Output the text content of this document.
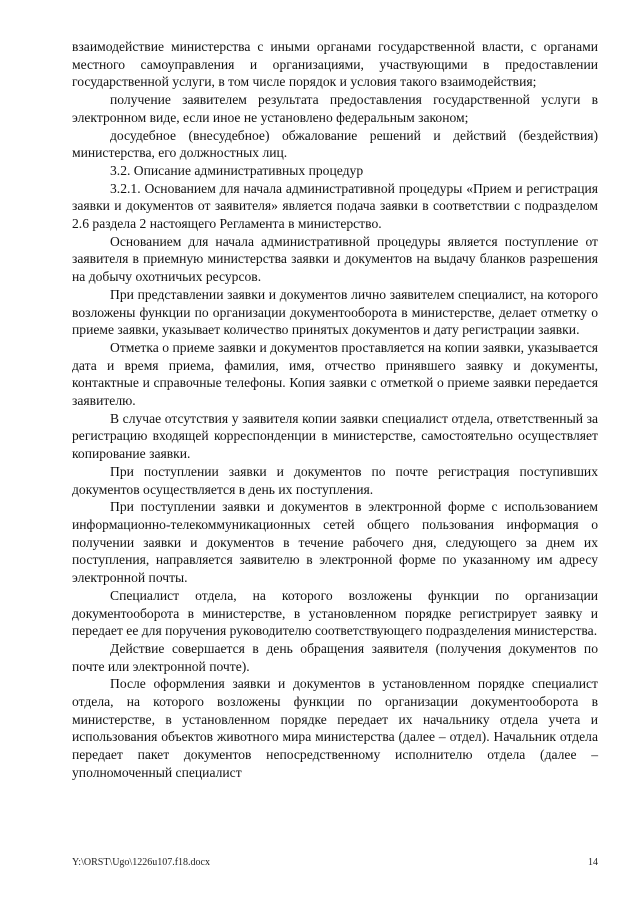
взаимодействие министерства с иными органами государственной власти, с органами местного самоуправления и организациями, участвующими в предоставлении государственной услуги, в том числе порядок и условия такого взаимодействия;

получение заявителем результата предоставления государственной услуги в электронном виде, если иное не установлено федеральным законом;

досудебное (внесудебное) обжалование решений и действий (бездействия) министерства, его должностных лиц.

3.2. Описание административных процедур

3.2.1. Основанием для начала административной процедуры «Прием и регистрация заявки и документов от заявителя» является подача заявки в соответствии с подразделом 2.6 раздела 2 настоящего Регламента в министерство.

Основанием для начала административной процедуры является поступление от заявителя в приемную министерства заявки и документов на выдачу бланков разрешения на добычу охотничьих ресурсов.

При представлении заявки и документов лично заявителем специалист, на которого возложены функции по организации документооборота в министерстве, делает отметку о приеме заявки, указывает количество принятых документов и дату регистрации заявки.

Отметка о приеме заявки и документов проставляется на копии заявки, указывается дата и время приема, фамилия, имя, отчество принявшего заявку и документы, контактные и справочные телефоны. Копия заявки с отметкой о приеме заявки передается заявителю.

В случае отсутствия у заявителя копии заявки специалист отдела, ответственный за регистрацию входящей корреспонденции в министерстве, самостоятельно осуществляет копирование заявки.

При поступлении заявки и документов по почте регистрация поступивших документов осуществляется в день их поступления.

При поступлении заявки и документов в электронной форме с использованием информационно-телекоммуникационных сетей общего пользования информация о получении заявки и документов в течение рабочего дня, следующего за днем их поступления, направляется заявителю в электронной форме по указанному им адресу электронной почты.

Специалист отдела, на которого возложены функции по организации документооборота в министерстве, в установленном порядке регистрирует заявку и передает ее для поручения руководителю соответствующего подразделения министерства.

Действие совершается в день обращения заявителя (получения документов по почте или электронной почте).

После оформления заявки и документов в установленном порядке специалист отдела, на которого возложены функции по организации документооборота в министерстве, в установленном порядке передает их начальнику отдела учета и использования объектов животного мира министерства (далее – отдел). Начальник отдела передает пакет документов непосредственному исполнителю отдела (далее – уполномоченный специалист

Y:\ORST\Ugo\1226u107.f18.docx	14
